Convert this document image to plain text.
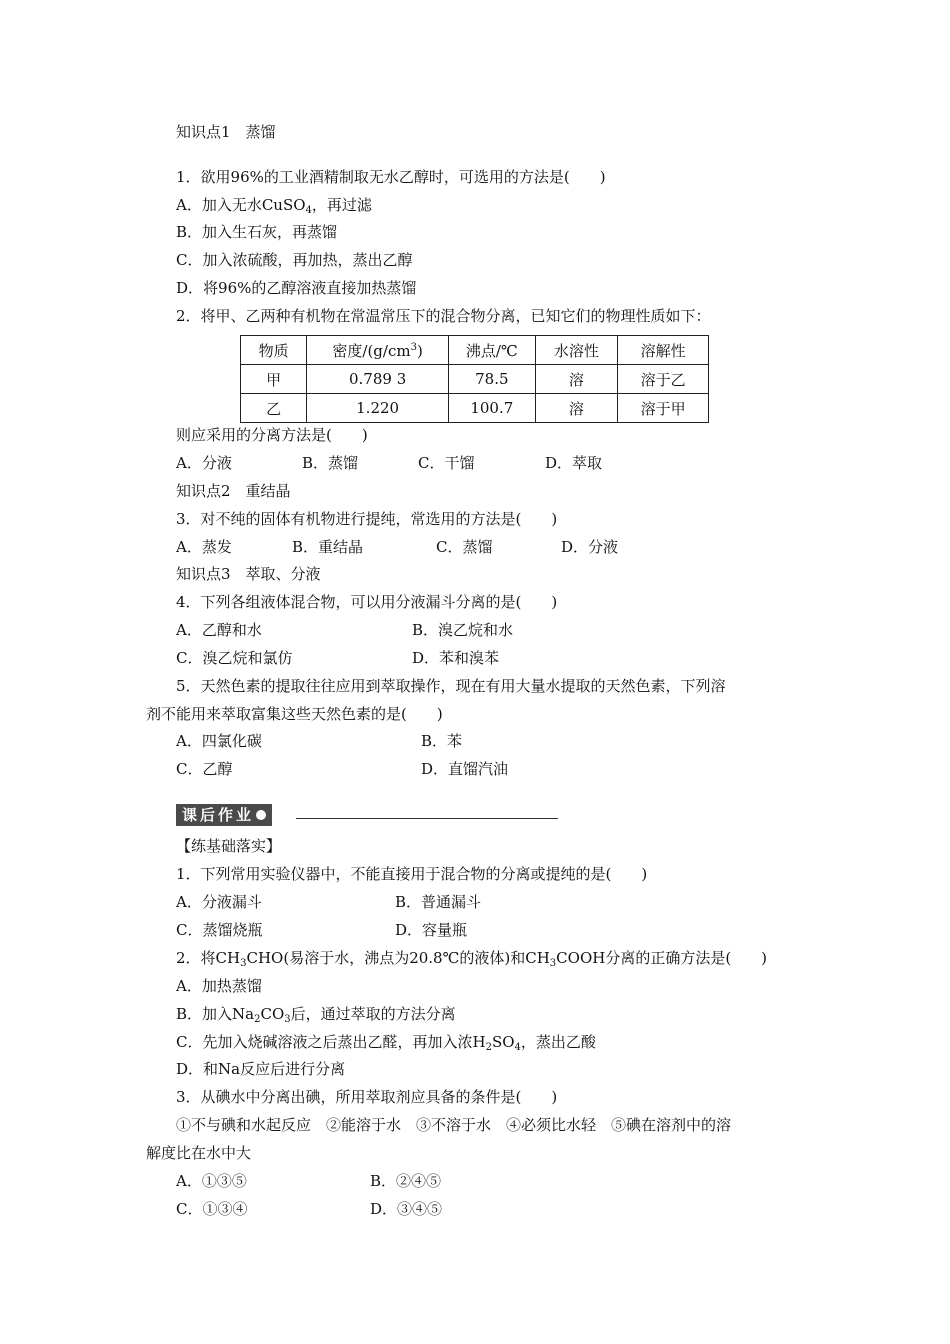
知识点1　蒸馏
1．欲用96%的工业酒精制取无水乙醇时，可选用的方法是(　　)
A．加入无水CuSO$_4$，再过滤
B．加入生石灰，再蒸馏
C．加入浓硫酸，再加热，蒸出乙醇
D．将96%的乙醇溶液直接加热蒸馏
2．将甲、乙两种有机物在常温常压下的混合物分离，已知它们的物理性质如下：
物质	密度$/(g/cm^3)$	沸点/℃	水溶性	溶解性
甲	0.789 3	78.5	溶	溶于乙
乙	1.220	100.7	溶	溶于甲
则应采用的分离方法是(　　)
A．分液	B．蒸馏	C．干馏	D．萃取
知识点2　重结晶
3．对不纯的固体有机物进行提纯，常选用的方法是(　　)
A．蒸发	B．重结晶	C．蒸馏	D．分液
知识点3　萃取、分液
4．下列各组液体混合物，可以用分液漏斗分离的是(　　)
A．乙醇和水	B．溴乙烷和水
C．溴乙烷和氯仿	D．苯和溴苯
5．天然色素的提取往往应用到萃取操作，现在有用大量水提取的天然色素，下列溶
剂不能用来萃取富集这些天然色素的是(　　)
A．四氯化碳	B．苯
C．乙醇	D．直馏汽油
课后作业
【练基础落实】
1．下列常用实验仪器中，不能直接用于混合物的分离或提纯的是(　　)
A．分液漏斗	B．普通漏斗
C．蒸馏烧瓶	D．容量瓶
2．将$CH_3CHO$(易溶于水，沸点为20.8℃的液体)和$CH_3COOH$分离的正确方法是(　　)
A．加热蒸馏
B．加入$Na_2CO_3$后，通过萃取的方法分离
C．先加入烧碱溶液之后蒸出乙醛，再加入浓$H_2SO_4$，蒸出乙酸
D．和Na反应后进行分离
3．从碘水中分离出碘，所用萃取剂应具备的条件是(　　)
①不与碘和水起反应　②能溶于水　③不溶于水　④必须比水轻　⑤碘在溶剂中的溶
解度比在水中大
A．①③⑤	B．②④⑤
C．①③④	D．③④⑤
